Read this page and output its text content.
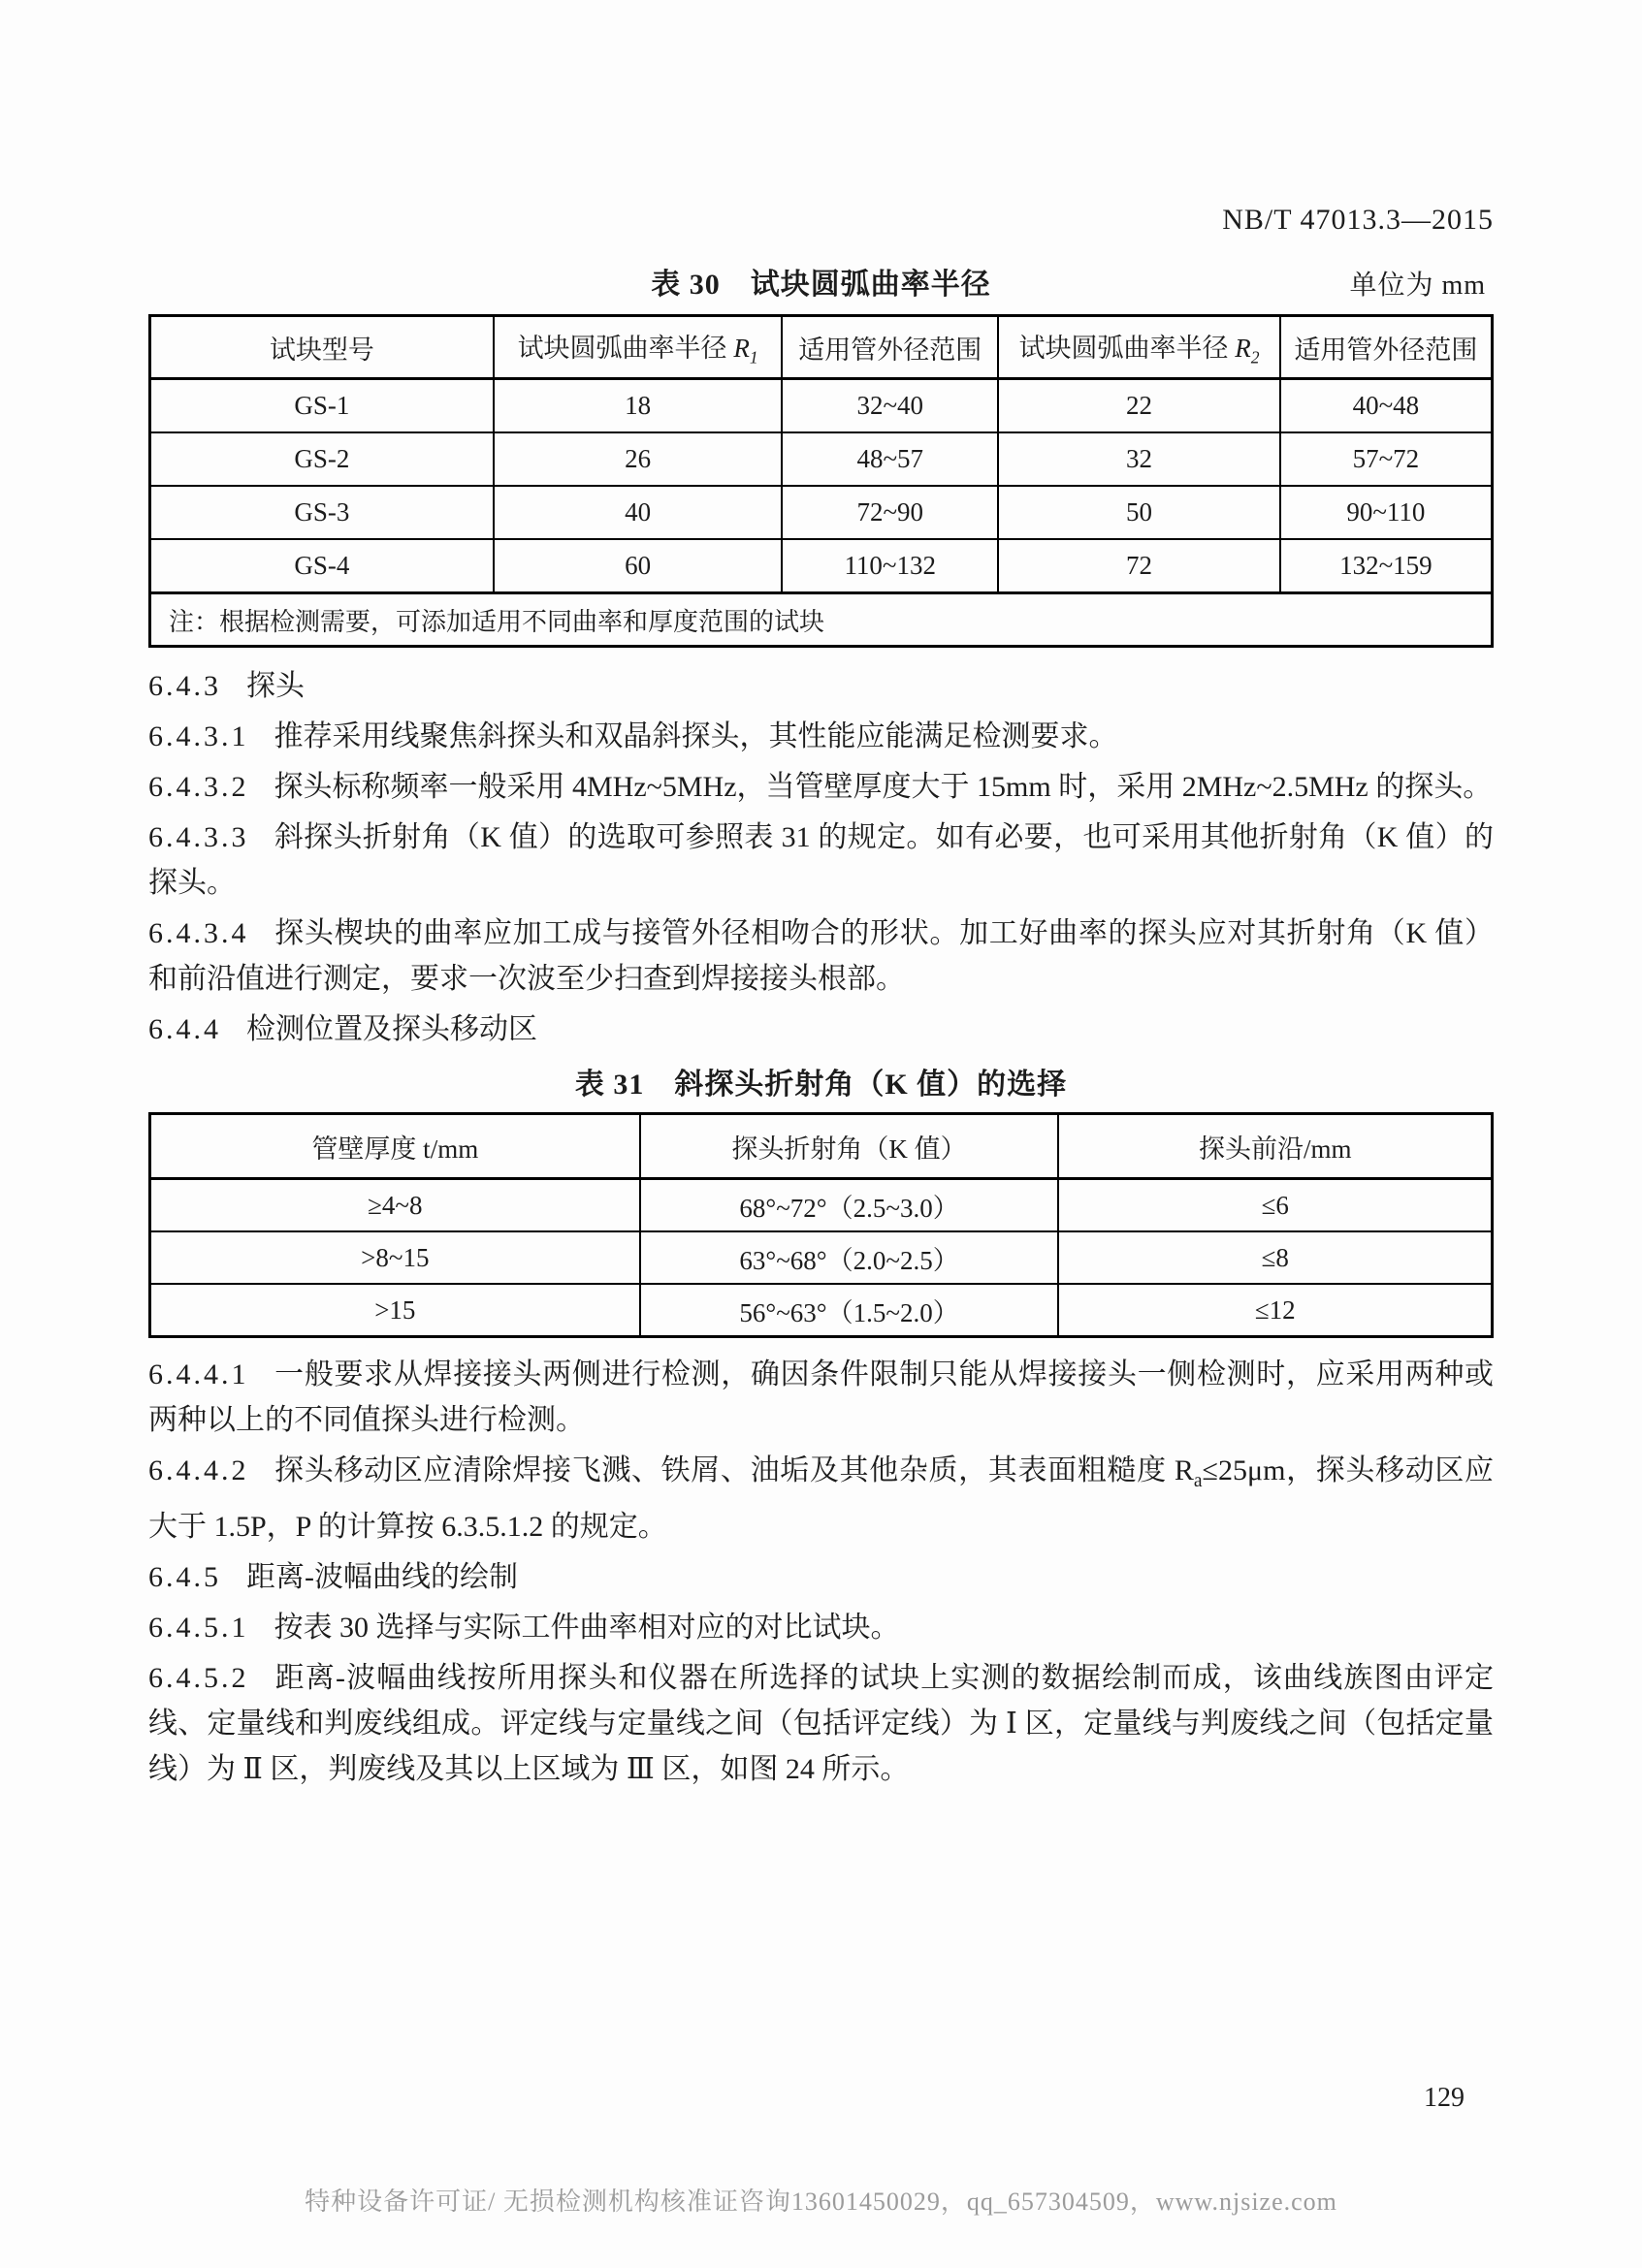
NB/T 47013.3—2015
表 30　试块圆弧曲率半径	单位为 mm
试块型号	试块圆弧曲率半径 $R_1$	适用管外径范围	试块圆弧曲率半径 $R_2$	适用管外径范围
GS-1	18	32~40	22	40~48
GS-2	26	48~57	32	57~72
GS-3	40	72~90	50	90~110
GS-4	60	110~132	72	132~159
注：根据检测需要，可添加适用不同曲率和厚度范围的试块				
6.4.3 探头
6.4.3.1 推荐采用线聚焦斜探头和双晶斜探头，其性能应能满足检测要求。
6.4.3.2 探头标称频率一般采用 4MHz~5MHz，当管壁厚度大于 15mm 时，采用 2MHz~2.5MHz 的探头。
6.4.3.3 斜探头折射角（K 值）的选取可参照表 31 的规定。如有必要，也可采用其他折射角（K 值）的探头。
6.4.3.4 探头楔块的曲率应加工成与接管外径相吻合的形状。加工好曲率的探头应对其折射角（K 值）和前沿值进行测定，要求一次波至少扫查到焊接接头根部。
6.4.4 检测位置及探头移动区
表 31　斜探头折射角（K 值）的选择
管壁厚度 t/mm	探头折射角（K 值）	探头前沿/mm
≥4~8	68°~72°（2.5~3.0）	≤6
>8~15	63°~68°（2.0~2.5）	≤8
>15	56°~63°（1.5~2.0）	≤12
6.4.4.1 一般要求从焊接接头两侧进行检测，确因条件限制只能从焊接接头一侧检测时，应采用两种或两种以上的不同值探头进行检测。
6.4.4.2 探头移动区应清除焊接飞溅、铁屑、油垢及其他杂质，其表面粗糙度 $R_a\le 25\mu m$，探头移动区应大于 1.5P，P 的计算按 6.3.5.1.2 的规定。
6.4.5 距离-波幅曲线的绘制
6.4.5.1 按表 30 选择与实际工件曲率相对应的对比试块。
6.4.5.2 距离-波幅曲线按所用探头和仪器在所选择的试块上实测的数据绘制而成，该曲线族图由评定线、定量线和判废线组成。评定线与定量线之间（包括评定线）为 Ⅰ 区，定量线与判废线之间（包括定量线）为 Ⅱ 区，判废线及其以上区域为 Ⅲ 区，如图 24 所示。
129
特种设备许可证/ 无损检测机构核准证咨询13601450029，qq_657304509，www.njsize.com
